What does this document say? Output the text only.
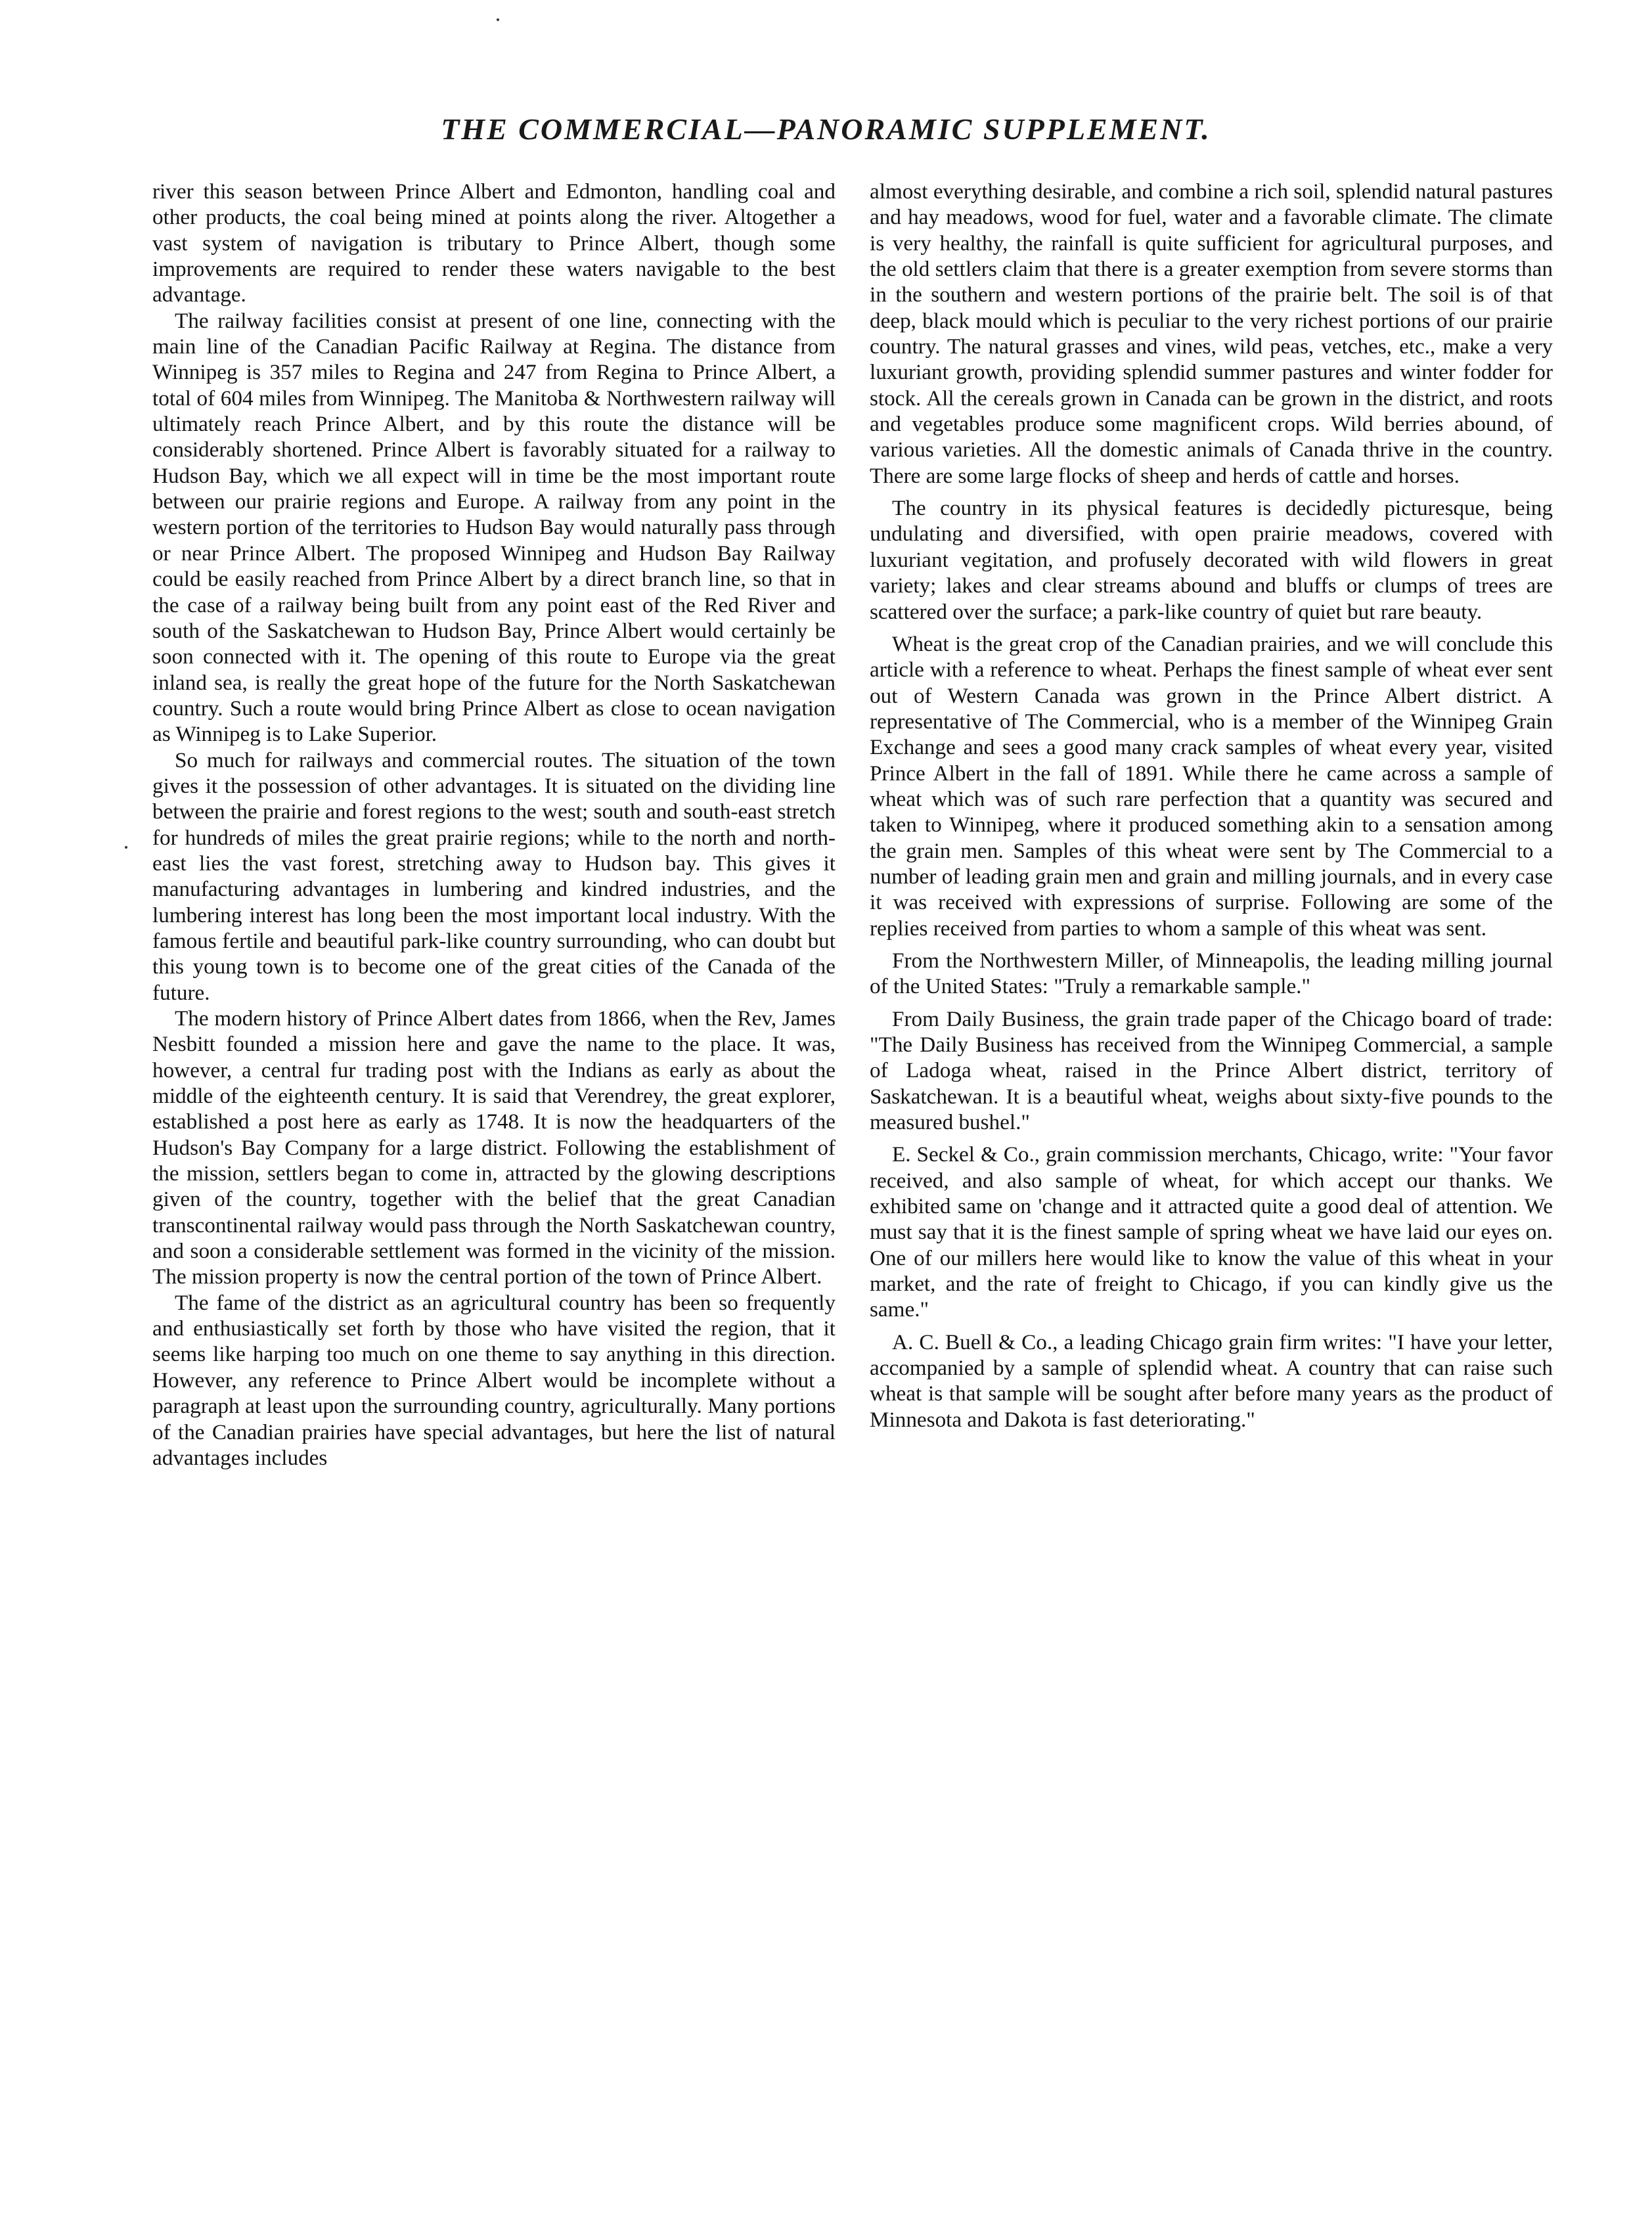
THE COMMERCIAL—PANORAMIC SUPPLEMENT.

river this season between Prince Albert and Edmonton, handling coal and other products, the coal being mined at points along the river. Altogether a vast system of navigation is tributary to Prince Albert, though some improvements are required to render these waters navigable to the best advantage.

The railway facilities consist at present of one line, connecting with the main line of the Canadian Pacific Railway at Regina. The distance from Winnipeg is 357 miles to Regina and 247 from Regina to Prince Albert, a total of 604 miles from Winnipeg. The Manitoba & Northwestern railway will ultimately reach Prince Albert, and by this route the distance will be considerably shortened. Prince Albert is favorably situated for a railway to Hudson Bay, which we all expect will in time be the most important route between our prairie regions and Europe. A railway from any point in the western portion of the territories to Hudson Bay would naturally pass through or near Prince Albert. The proposed Winnipeg and Hudson Bay Railway could be easily reached from Prince Albert by a direct branch line, so that in the case of a railway being built from any point east of the Red River and south of the Saskatchewan to Hudson Bay, Prince Albert would certainly be soon connected with it. The opening of this route to Europe via the great inland sea, is really the great hope of the future for the North Saskatchewan country. Such a route would bring Prince Albert as close to ocean navigation as Winnipeg is to Lake Superior.

So much for railways and commercial routes. The situation of the town gives it the possession of other advantages. It is situated on the dividing line between the prairie and forest regions to the west; south and south-east stretch for hundreds of miles the great prairie regions; while to the north and north-east lies the vast forest, stretching away to Hudson bay. This gives it manufacturing advantages in lumbering and kindred industries, and the lumbering interest has long been the most important local industry. With the famous fertile and beautiful park-like country surrounding, who can doubt but this young town is to become one of the great cities of the Canada of the future.

The modern history of Prince Albert dates from 1866, when the Rev, James Nesbitt founded a mission here and gave the name to the place. It was, however, a central fur trading post with the Indians as early as about the middle of the eighteenth century. It is said that Verendrey, the great explorer, established a post here as early as 1748. It is now the headquarters of the Hudson's Bay Company for a large district. Following the establishment of the mission, settlers began to come in, attracted by the glowing descriptions given of the country, together with the belief that the great Canadian transcontinental railway would pass through the North Saskatchewan country, and soon a considerable settlement was formed in the vicinity of the mission. The mission property is now the central portion of the town of Prince Albert.

The fame of the district as an agricultural country has been so frequently and enthusiastically set forth by those who have visited the region, that it seems like harping too much on one theme to say anything in this direction. However, any reference to Prince Albert would be incomplete without a paragraph at least upon the surrounding country, agriculturally. Many portions of the Canadian prairies have special advantages, but here the list of natural advantages includes

almost everything desirable, and combine a rich soil, splendid natural pastures and hay meadows, wood for fuel, water and a favorable climate. The climate is very healthy, the rainfall is quite sufficient for agricultural purposes, and the old settlers claim that there is a greater exemption from severe storms than in the southern and western portions of the prairie belt. The soil is of that deep, black mould which is peculiar to the very richest portions of our prairie country. The natural grasses and vines, wild peas, vetches, etc., make a very luxuriant growth, providing splendid summer pastures and winter fodder for stock. All the cereals grown in Canada can be grown in the district, and roots and vegetables produce some magnificent crops. Wild berries abound, of various varieties. All the domestic animals of Canada thrive in the country. There are some large flocks of sheep and herds of cattle and horses.

The country in its physical features is decidedly picturesque, being undulating and diversified, with open prairie meadows, covered with luxuriant vegitation, and profusely decorated with wild flowers in great variety; lakes and clear streams abound and bluffs or clumps of trees are scattered over the surface; a park-like country of quiet but rare beauty.

Wheat is the great crop of the Canadian prairies, and we will conclude this article with a reference to wheat. Perhaps the finest sample of wheat ever sent out of Western Canada was grown in the Prince Albert district. A representative of The Commercial, who is a member of the Winnipeg Grain Exchange and sees a good many crack samples of wheat every year, visited Prince Albert in the fall of 1891. While there he came across a sample of wheat which was of such rare perfection that a quantity was secured and taken to Winnipeg, where it produced something akin to a sensation among the grain men. Samples of this wheat were sent by The Commercial to a number of leading grain men and grain and milling journals, and in every case it was received with expressions of surprise. Following are some of the replies received from parties to whom a sample of this wheat was sent.

From the Northwestern Miller, of Minneapolis, the leading milling journal of the United States: "Truly a remarkable sample."

From Daily Business, the grain trade paper of the Chicago board of trade: "The Daily Business has received from the Winnipeg Commercial, a sample of Ladoga wheat, raised in the Prince Albert district, territory of Saskatchewan. It is a beautiful wheat, weighs about sixty-five pounds to the measured bushel."

E. Seckel & Co., grain commission merchants, Chicago, write: "Your favor received, and also sample of wheat, for which accept our thanks. We exhibited same on 'change and it attracted quite a good deal of attention. We must say that it is the finest sample of spring wheat we have laid our eyes on. One of our millers here would like to know the value of this wheat in your market, and the rate of freight to Chicago, if you can kindly give us the same."

A. C. Buell & Co., a leading Chicago grain firm writes: "I have your letter, accompanied by a sample of splendid wheat. A country that can raise such wheat is that sample will be sought after before many years as the product of Minnesota and Dakota is fast deteriorating."
